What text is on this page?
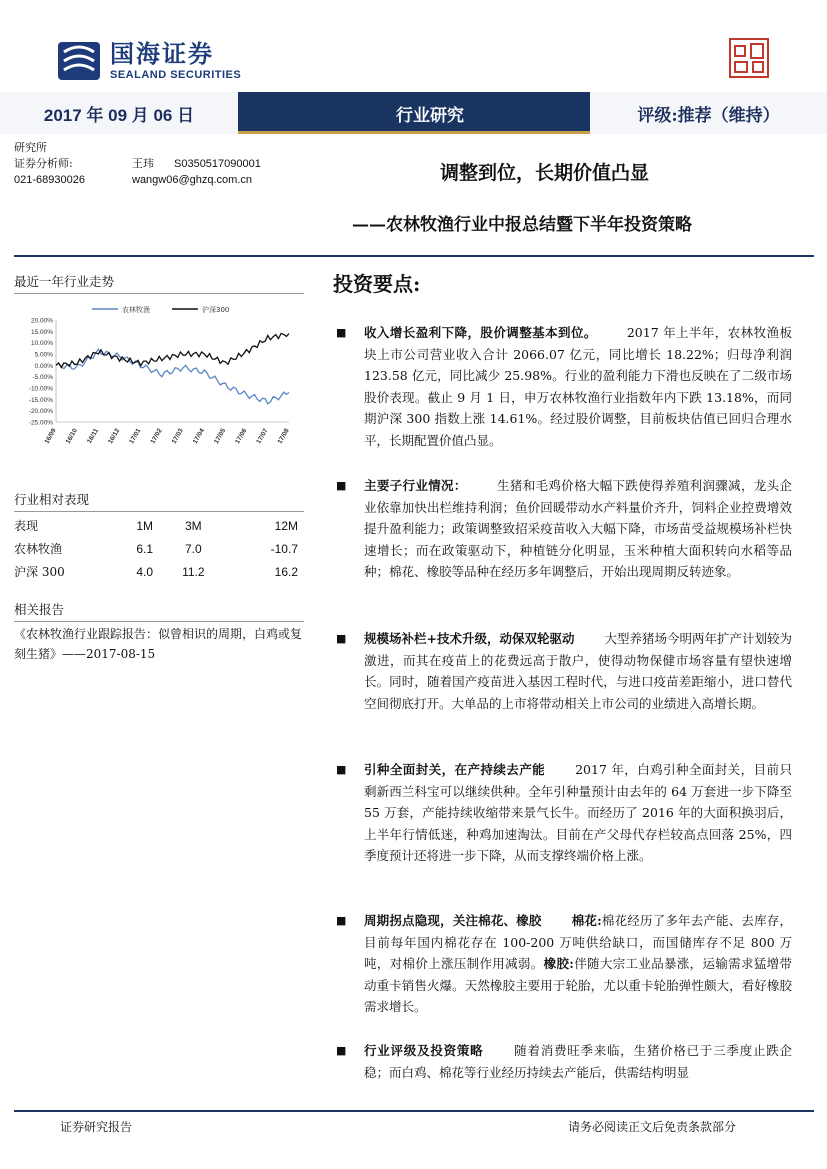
国海证券
SEALAND SECURITIES
2017 年 09 月 06 日	行业研究	评级:推荐（维持）
研究所
证券分析师:	王玮 S0350517090001
021-68930026	wangw06@ghzq.com.cn	调整到位，长期价值凸显
——农林牧渔行业中报总结暨下半年投资策略
最近一年行业走势
农林牧渔	沪深300
20.00%
15.00%
10.00%
5.00%
0.00%
-5.00%
-10.00%
-15.00%
-20.00%
-25.00%
16/09 16/10 16/11 16/12 17/01 17/02 17/03 17/04 17/05 17/06 17/07 17/08
行业相对表现
表现	1M	3M	12M
农林牧渔	6.1	7.0	-10.7
沪深 300	4.0	11.2	16.2
相关报告
《农林牧渔行业跟踪报告：似曾相识的周期，白鸡或复刻生猪》——2017-08-15
投资要点:
■ 收入增长盈利下降，股价调整基本到位。 2017 年上半年，农林牧渔板块上市公司营业收入合计 2066.07 亿元，同比增长 18.22%；归母净利润 123.58 亿元，同比减少 25.98%。行业的盈利能力下滑也反映在了二级市场股价表现。截止 9 月 1 日，申万农林牧渔行业指数年内下跌 13.18%，而同期沪深 300 指数上涨 14.61%。经过股价调整，目前板块估值已回归合理水平，长期配置价值凸显。
■ 主要子行业情况： 生猪和毛鸡价格大幅下跌使得养殖利润骤减，龙头企业依靠加快出栏维持利润；鱼价回暖带动水产料量价齐升，饲料企业控费增效提升盈利能力；政策调整致招采疫苗收入大幅下降，市场苗受益规模场补栏快速增长；而在政策驱动下，种植链分化明显，玉米种植大面积转向水稻等品种；棉花、橡胶等品种在经历多年调整后，开始出现周期反转迹象。
■ 规模场补栏+技术升级，动保双轮驱动 大型养猪场今明两年扩产计划较为激进，而其在疫苗上的花费远高于散户，使得动物保健市场容量有望快速增长。同时，随着国产疫苗进入基因工程时代，与进口疫苗差距缩小，进口替代空间彻底打开。大单品的上市将带动相关上市公司的业绩进入高增长期。
■ 引种全面封关，在产持续去产能 2017 年，白鸡引种全面封关，目前只剩新西兰科宝可以继续供种。全年引种量预计由去年的 64 万套进一步下降至 55 万套，产能持续收缩带来景气长牛。而经历了 2016 年的大面积换羽后，上半年行情低迷，种鸡加速淘汰。目前在产父母代存栏较高点回落 25%，四季度预计还将进一步下降，从而支撑终端价格上涨。
■ 周期拐点隐现，关注棉花、橡胶 棉花:棉花经历了多年去产能、去库存，目前每年国内棉花存在 100-200 万吨供给缺口，而国储库存不足 800 万吨，对棉价上涨压制作用减弱。橡胶:伴随大宗工业品暴涨，运输需求猛增带动重卡销售火爆。天然橡胶主要用于轮胎，尤以重卡轮胎弹性颇大，看好橡胶需求增长。
■ 行业评级及投资策略 随着消费旺季来临，生猪价格已于三季度止跌企稳；而白鸡、棉花等行业经历持续去产能后，供需结构明显
证券研究报告	请务必阅读正文后免责条款部分
